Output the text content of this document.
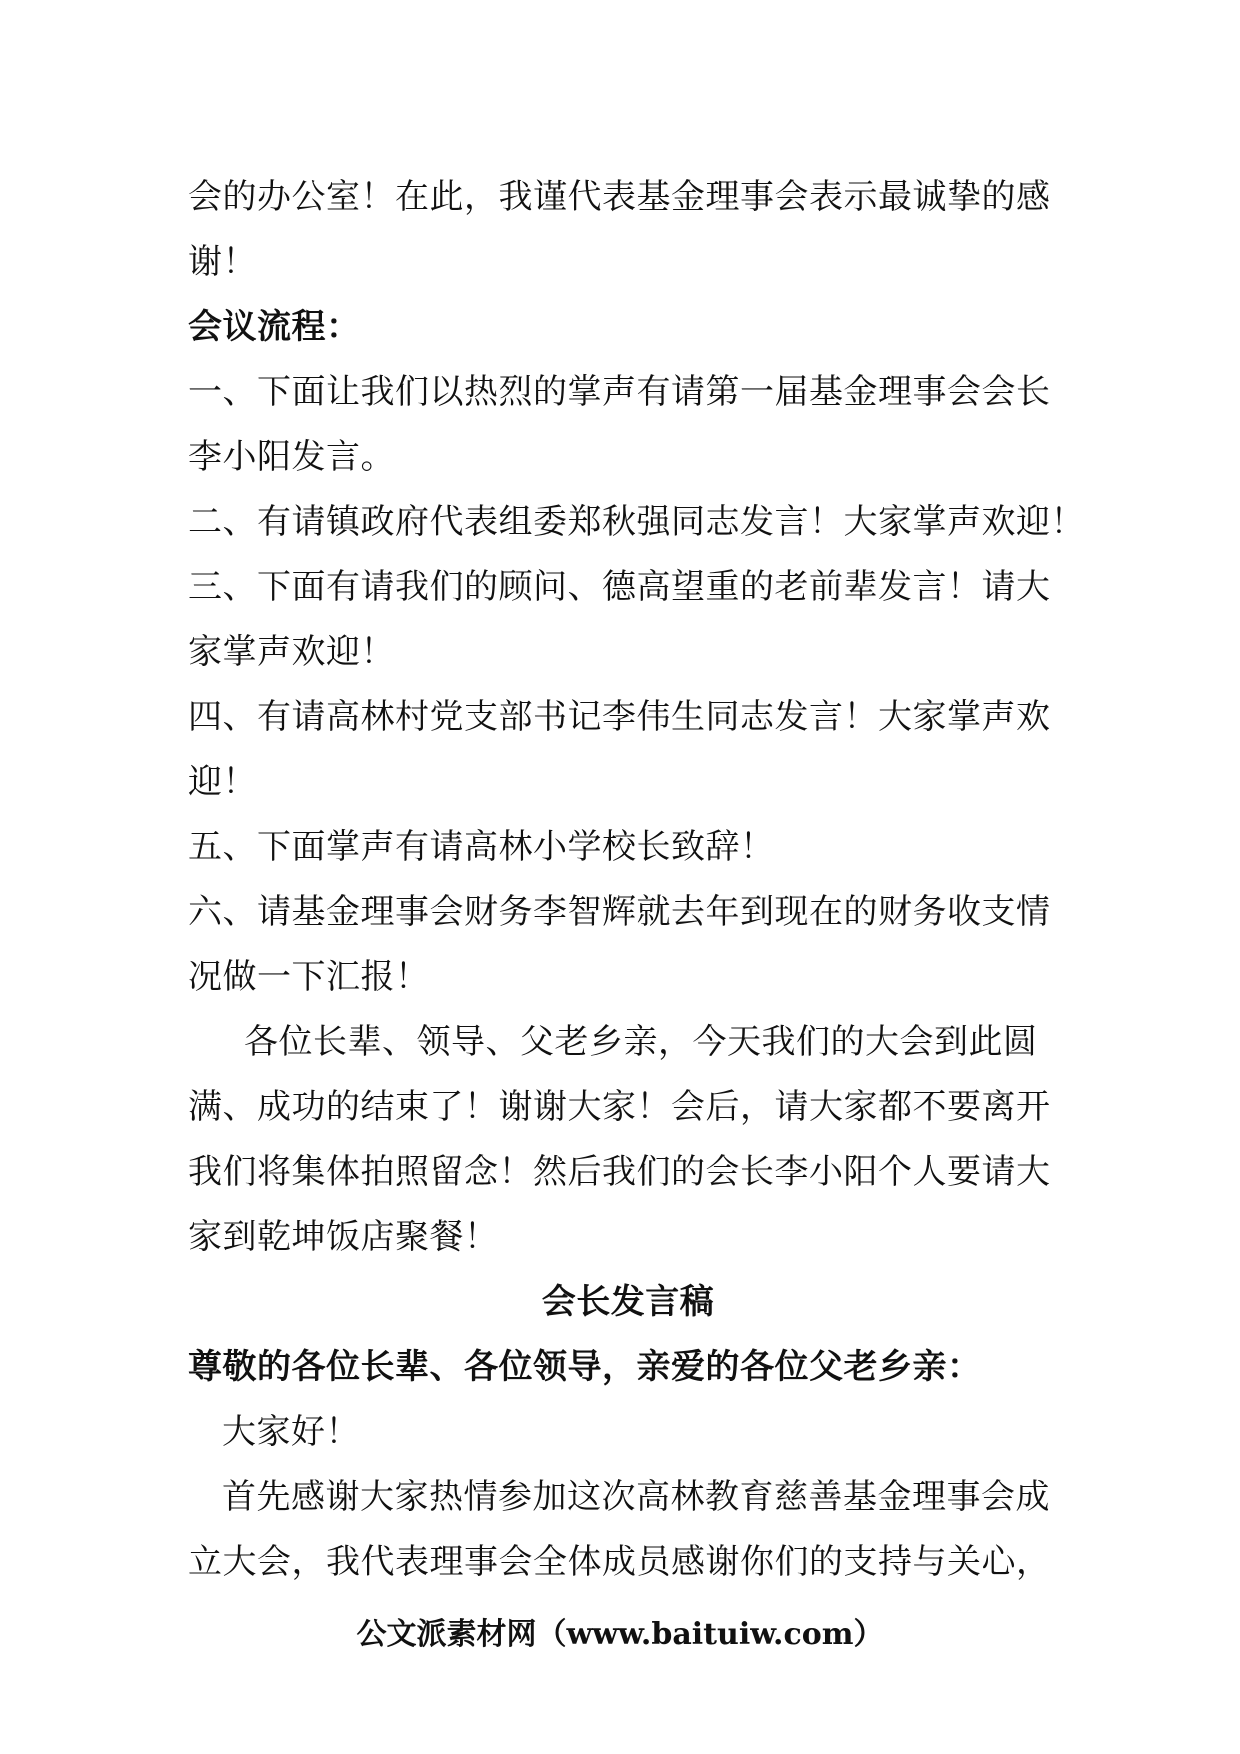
会的办公室！在此，我谨代表基金理事会表示最诚挚的感
谢！
会议流程：
一、下面让我们以热烈的掌声有请第一届基金理事会会长
李小阳发言。
二、有请镇政府代表组委郑秋强同志发言！大家掌声欢迎！
三、下面有请我们的顾问、德高望重的老前辈发言！请大
家掌声欢迎！
四、有请高林村党支部书记李伟生同志发言！大家掌声欢
迎！
五、下面掌声有请高林小学校长致辞！
六、请基金理事会财务李智辉就去年到现在的财务收支情
况做一下汇报！
各位长辈、领导、父老乡亲，今天我们的大会到此圆
满、成功的结束了！谢谢大家！会后，请大家都不要离开
我们将集体拍照留念！然后我们的会长李小阳个人要请大
家到乾坤饭店聚餐！
会长发言稿
尊敬的各位长辈、各位领导，亲爱的各位父老乡亲：
大家好！
首先感谢大家热情参加这次高林教育慈善基金理事会成
立大会，我代表理事会全体成员感谢你们的支持与关心，
公文派素材网（www.baituiw.com）
